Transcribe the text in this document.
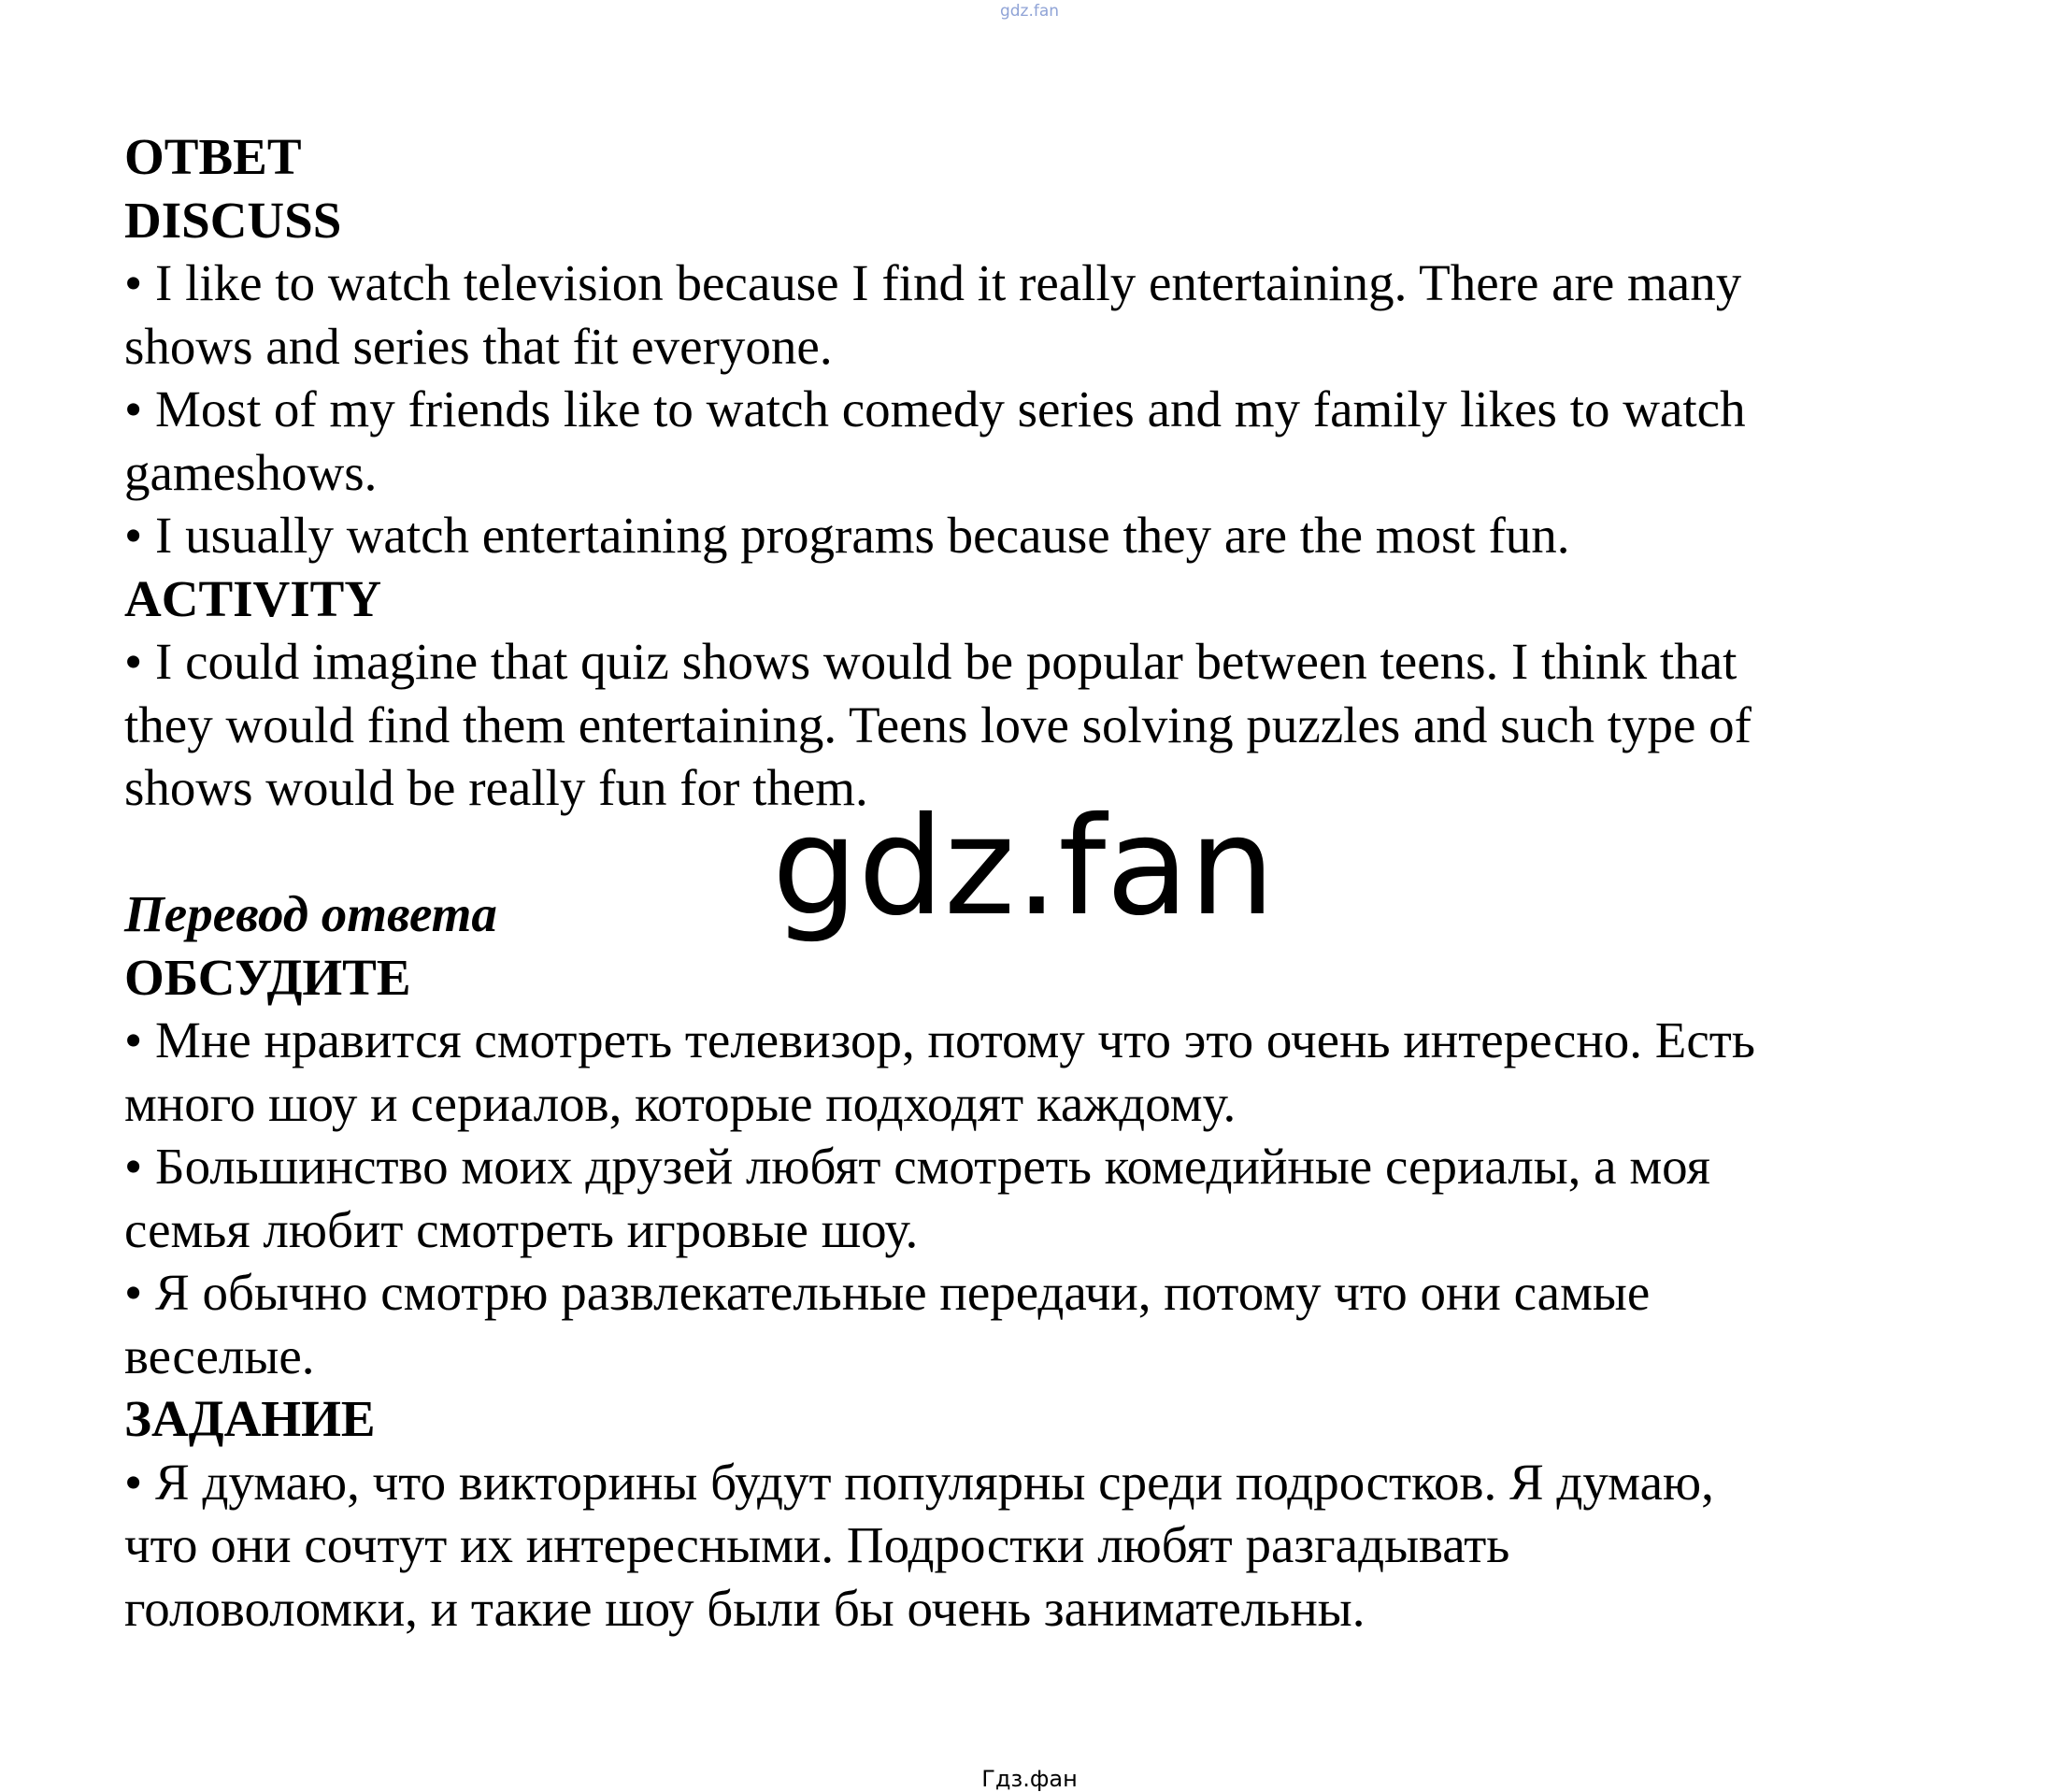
gdz.fan
ОТВЕТ
DISCUSS
• I like to watch television because I find it really entertaining. There are many
shows and series that fit everyone.
• Most of my friends like to watch comedy series and my family likes to watch
gameshows.
• I usually watch entertaining programs because they are the most fun.
ACTIVITY
• I could imagine that quiz shows would be popular between teens. I think that
they would find them entertaining. Teens love solving puzzles and such type of
shows would be really fun for them.
Перевод ответа
ОБСУДИТЕ
• Мне нравится смотреть телевизор, потому что это очень интересно. Есть
много шоу и сериалов, которые подходят каждому.
• Большинство моих друзей любят смотреть комедийные сериалы, а моя
семья любит смотреть игровые шоу.
• Я обычно смотрю развлекательные передачи, потому что они самые
веселые.
ЗАДАНИЕ
• Я думаю, что викторины будут популярны среди подростков. Я думаю,
что они сочтут их интересными. Подростки любят разгадывать
головоломки, и такие шоу были бы очень занимательны.
gdz.fan
Гдз.фан
